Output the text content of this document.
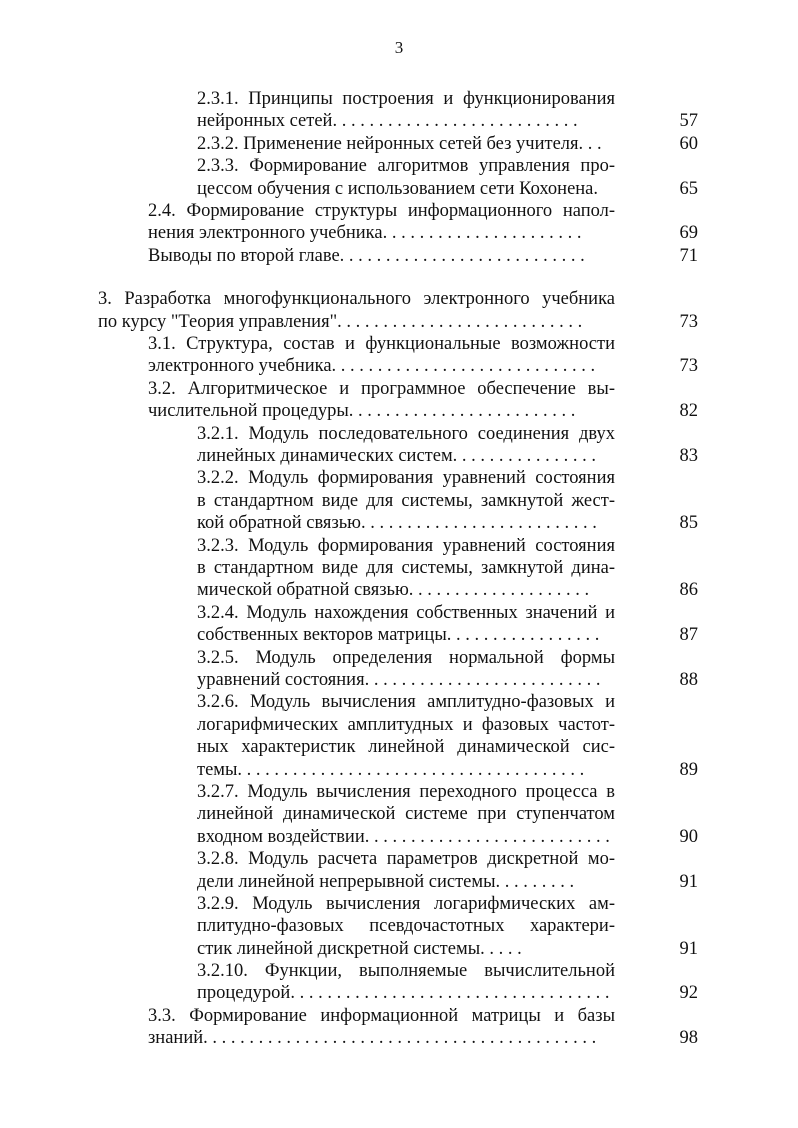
3
2.3.1. Принципы построения и функционирования
нейронных сетей. . . . . . . . . . . . . . . . . . . . . . . . . . .	57
2.3.2. Применение нейронных сетей без учителя. . .	60
2.3.3. Формирование алгоритмов управления про-
цессом обучения с использованием сети Кохонена.	65
2.4. Формирование структуры информационного напол-
нения электронного учебника. . . . . . . . . . . . . . . . . . . . . .	69
Выводы по второй главе. . . . . . . . . . . . . . . . . . . . . . . . . . .	71
3. Разработка многофункционального электронного учебника
по курсу "Теория управления". . . . . . . . . . . . . . . . . . . . . . . . . . .	73
3.1. Структура, состав и функциональные возможности
электронного учебника. . . . . . . . . . . . . . . . . . . . . . . . . . . . .	73
3.2. Алгоритмическое и программное обеспечение вы-
числительной процедуры. . . . . . . . . . . . . . . . . . . . . . . . .	82
3.2.1. Модуль последовательного соединения двух
линейных динамических систем. . . . . . . . . . . . . . . .	83
3.2.2. Модуль формирования уравнений состояния
в стандартном виде для системы, замкнутой жест-
кой обратной связью. . . . . . . . . . . . . . . . . . . . . . . . . .	85
3.2.3. Модуль формирования уравнений состояния
в стандартном виде для системы, замкнутой дина-
мической обратной связью. . . . . . . . . . . . . . . . . . . .	86
3.2.4. Модуль нахождения собственных значений и
собственных векторов матрицы. . . . . . . . . . . . . . . . .	87
3.2.5. Модуль определения нормальной формы
уравнений состояния. . . . . . . . . . . . . . . . . . . . . . . . . .	88
3.2.6. Модуль вычисления амплитудно-фазовых и
логарифмических амплитудных и фазовых частот-
ных характеристик линейной динамической сис-
темы. . . . . . . . . . . . . . . . . . . . . . . . . . . . . . . . . . . . . .	89
3.2.7. Модуль вычисления переходного процесса в
линейной динамической системе при ступенчатом
входном воздействии. . . . . . . . . . . . . . . . . . . . . . . . . . .	90
3.2.8. Модуль расчета параметров дискретной мо-
дели линейной непрерывной системы. . . . . . . . .	91
3.2.9. Модуль вычисления логарифмических ам-
плитудно-фазовых псевдочастотных характери-
стик линейной дискретной системы. . . . .	91
3.2.10. Функции, выполняемые вычислительной
процедурой. . . . . . . . . . . . . . . . . . . . . . . . . . . . . . . . . . .	92
3.3. Формирование информационной матрицы и базы
знаний. . . . . . . . . . . . . . . . . . . . . . . . . . . . . . . . . . . . . . . . . . .	98
